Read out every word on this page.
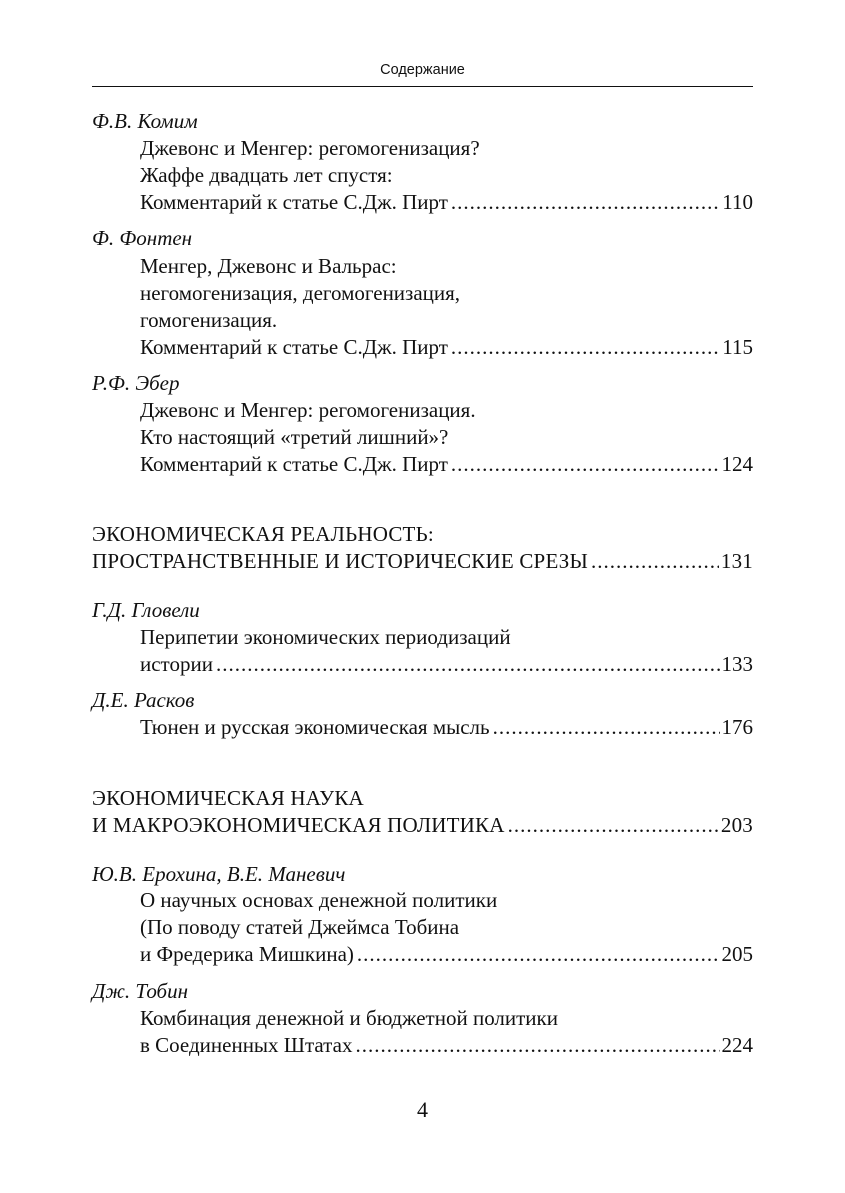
Содержание
Ф.В. Комим
Джевонс и Менгер: регомогенизация?
Жаффе двадцать лет спустя:
Комментарий к статье С.Дж. Пирт .....	110
Ф. Фонтен
Менгер, Джевонс и Вальрас:
негомогенизация, дегомогенизация,
гомогенизация.
Комментарий к статье С.Дж. Пирт .....	115
Р.Ф. Эбер
Джевонс и Менгер: регомогенизация.
Кто настоящий «третий лишний»?
Комментарий к статье С.Дж. Пирт .....	124
ЭКОНОМИЧЕСКАЯ РЕАЛЬНОСТЬ:
ПРОСТРАНСТВЕННЫЕ И ИСТОРИЧЕСКИЕ СРЕЗЫ .....	131
Г.Д. Гловели
Перипетии экономических периодизаций
истории .....	133
Д.Е. Расков
Тюнен и русская экономическая мысль .....	176
ЭКОНОМИЧЕСКАЯ НАУКА
И МАКРОЭКОНОМИЧЕСКАЯ ПОЛИТИКА .....	203
Ю.В. Ерохина, В.Е. Маневич
О научных основах денежной политики
(По поводу статей Джеймса Тобина
и Фредерика Мишкина) .....	205
Дж. Тобин
Комбинация денежной и бюджетной политики
в Соединенных Штатах .....	224
4
